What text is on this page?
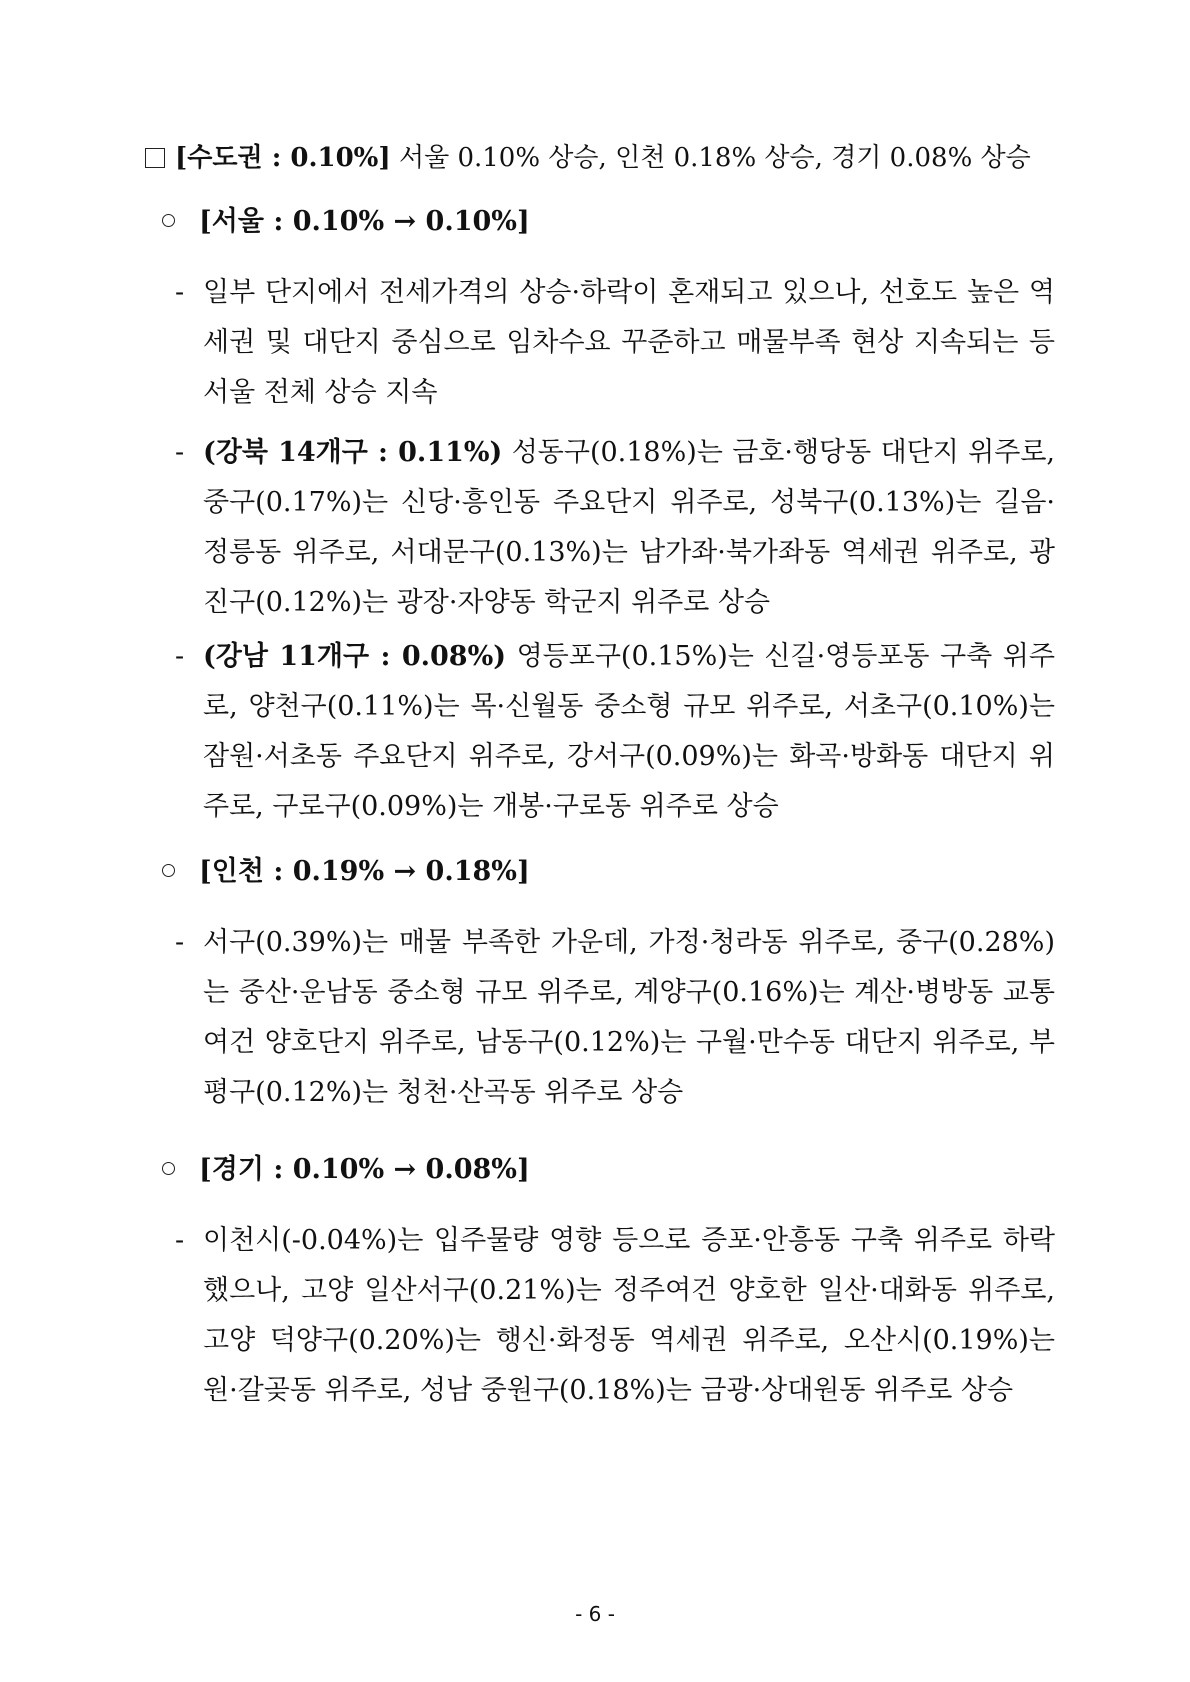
[수도권 : 0.10%] 서울 0.10% 상승, 인천 0.18% 상승, 경기 0.08% 상승
[서울 : 0.10% → 0.10%]
- 일부 단지에서 전세가격의 상승·하락이 혼재되고 있으나, 선호도 높은 역세권 및 대단지 중심으로 임차수요 꾸준하고 매물부족 현상 지속되는 등 서울 전체 상승 지속
- (강북 14개구 : 0.11%) 성동구(0.18%)는 금호·행당동 대단지 위주로, 중구(0.17%)는 신당·흥인동 주요단지 위주로, 성북구(0.13%)는 길음·정릉동 위주로, 서대문구(0.13%)는 남가좌·북가좌동 역세권 위주로, 광진구(0.12%)는 광장·자양동 학군지 위주로 상승
- (강남 11개구 : 0.08%) 영등포구(0.15%)는 신길·영등포동 구축 위주로, 양천구(0.11%)는 목·신월동 중소형 규모 위주로, 서초구(0.10%)는 잠원·서초동 주요단지 위주로, 강서구(0.09%)는 화곡·방화동 대단지 위주로, 구로구(0.09%)는 개봉·구로동 위주로 상승
[인천 : 0.19% → 0.18%]
- 서구(0.39%)는 매물 부족한 가운데, 가정·청라동 위주로, 중구(0.28%)는 중산·운남동 중소형 규모 위주로, 계양구(0.16%)는 계산·병방동 교통여건 양호단지 위주로, 남동구(0.12%)는 구월·만수동 대단지 위주로, 부평구(0.12%)는 청천·산곡동 위주로 상승
[경기 : 0.10% → 0.08%]
- 이천시(-0.04%)는 입주물량 영향 등으로 증포·안흥동 구축 위주로 하락했으나, 고양 일산서구(0.21%)는 정주여건 양호한 일산·대화동 위주로, 고양 덕양구(0.20%)는 행신·화정동 역세권 위주로, 오산시(0.19%)는 원·갈곶동 위주로, 성남 중원구(0.18%)는 금광·상대원동 위주로 상승
- 6 -
